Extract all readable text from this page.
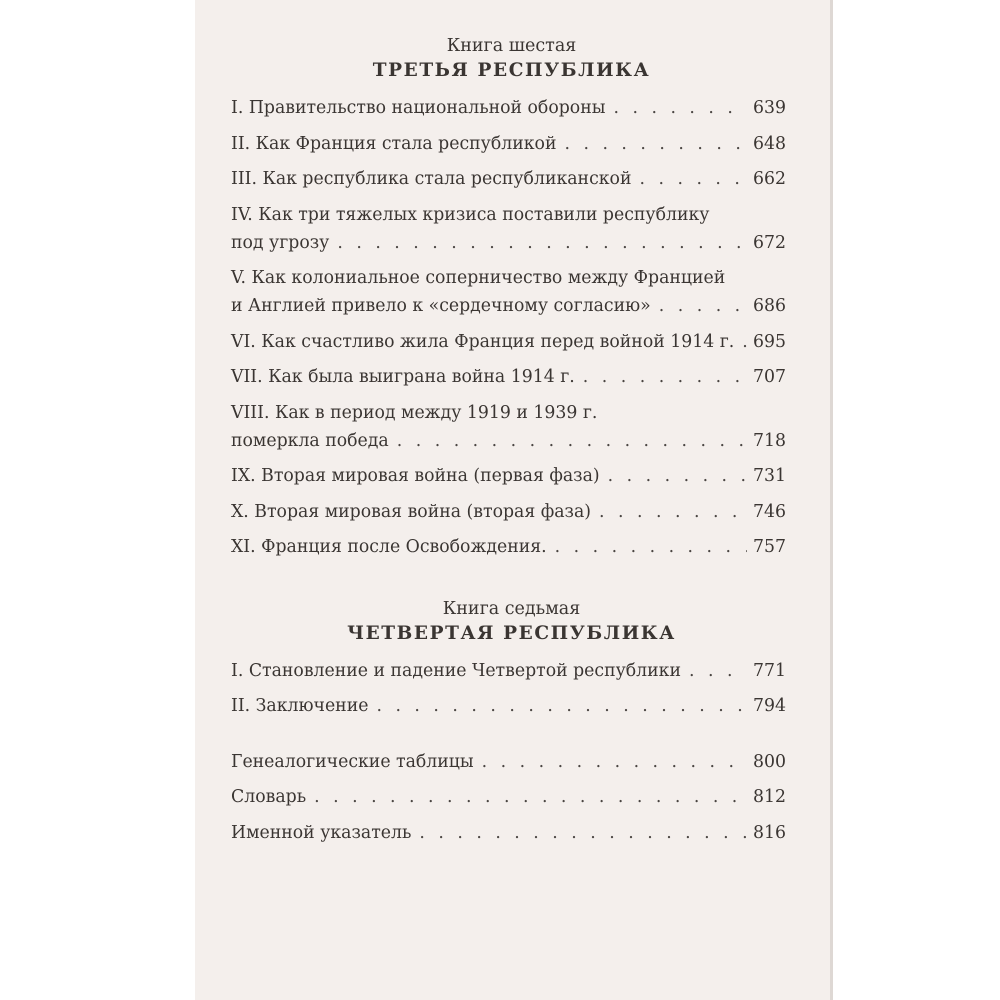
Книга шестая

ТРЕТЬЯ РЕСПУБЛИКА
I. Правительство национальной обороны . . .	639
II. Как Франция стала республикой . . .	648
III. Как республика стала республиканской . . .	662
IV. Как три тяжелых кризиса поставили республику
под угрозу . . .	672
V. Как колониальное соперничество между Францией
и Англией привело к «сердечному согласию» . . .	686
VI. Как счастливо жила Франция перед войной 1914 г. . . . 695
VII. Как была выиграна война 1914 г. . . .	707
VIII. Как в период между 1919 и 1939 г.
померкла победа . . .	718
IX. Вторая мировая война (первая фаза) . . .	731
X. Вторая мировая война (вторая фаза) . . .	746
XI. Франция после Освобождения. . . .	757

Книга седьмая

ЧЕТВЕРТАЯ РЕСПУБЛИКА
I. Становление и падение Четвертой республики . . .	771
II. Заключение . . .	794
Генеалогические таблицы . . .	800
Словарь . . .	812
Именной указатель . . .	816
